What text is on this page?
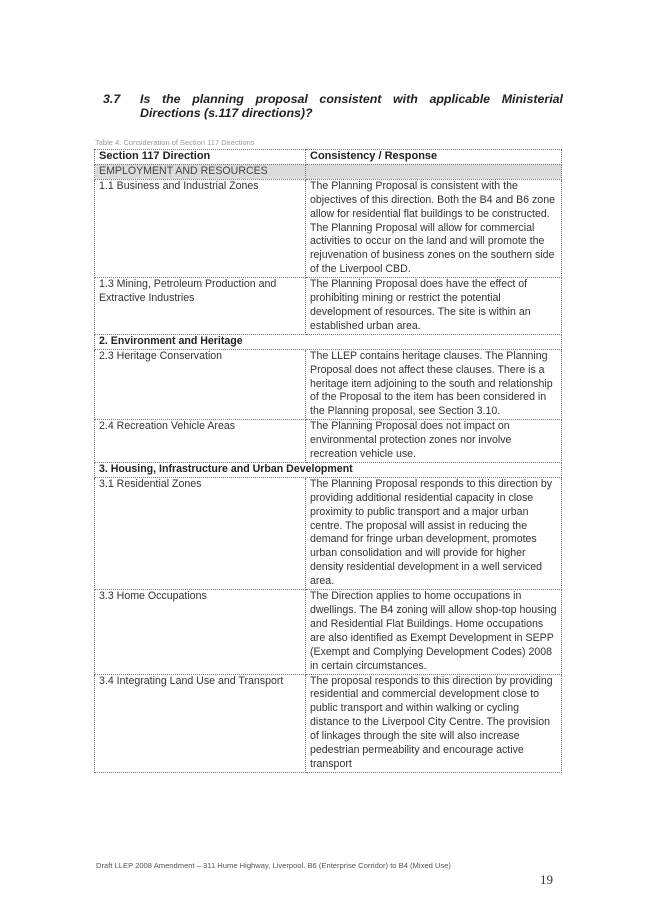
3.7 Is the planning proposal consistent with applicable Ministerial Directions (s.117 directions)?
Table 4: Consideration of Section 117 Directions
Section 117 Direction	Consistency / Response
EMPLOYMENT AND RESOURCES	
1.1 Business and Industrial Zones	The Planning Proposal is consistent with the objectives of this direction. Both the B4 and B6 zone allow for residential flat buildings to be constructed. The Planning Proposal will allow for commercial activities to occur on the land and will promote the rejuvenation of business zones on the southern side of the Liverpool CBD.
1.3 Mining, Petroleum Production and Extractive Industries	The Planning Proposal does have the effect of prohibiting mining or restrict the potential development of resources. The site is within an established urban area.
2. Environment and Heritage	
2.3 Heritage Conservation	The LLEP contains heritage clauses. The Planning Proposal does not affect these clauses. There is a heritage item adjoining to the south and relationship of the Proposal to the item has been considered in the Planning proposal, see Section 3.10.
2.4 Recreation Vehicle Areas	The Planning Proposal does not impact on environmental protection zones nor involve recreation vehicle use.
3. Housing, Infrastructure and Urban Development	
3.1 Residential Zones	The Planning Proposal responds to this direction by providing additional residential capacity in close proximity to public transport and a major urban centre. The proposal will assist in reducing the demand for fringe urban development, promotes urban consolidation and will provide for higher density residential development in a well serviced area.
3.3 Home Occupations	The Direction applies to home occupations in dwellings. The B4 zoning will allow shop-top housing and Residential Flat Buildings. Home occupations are also identified as Exempt Development in SEPP (Exempt and Complying Development Codes) 2008 in certain circumstances.
3.4 Integrating Land Use and Transport	The proposal responds to this direction by providing residential and commercial development close to public transport and within walking or cycling distance to the Liverpool City Centre. The provision of linkages through the site will also increase pedestrian permeability and encourage active transport
Draft LLEP 2008 Amendment – 311 Hume Highway, Liverpool. B6 (Enterprise Corridor) to B4 (Mixed Use)
19
